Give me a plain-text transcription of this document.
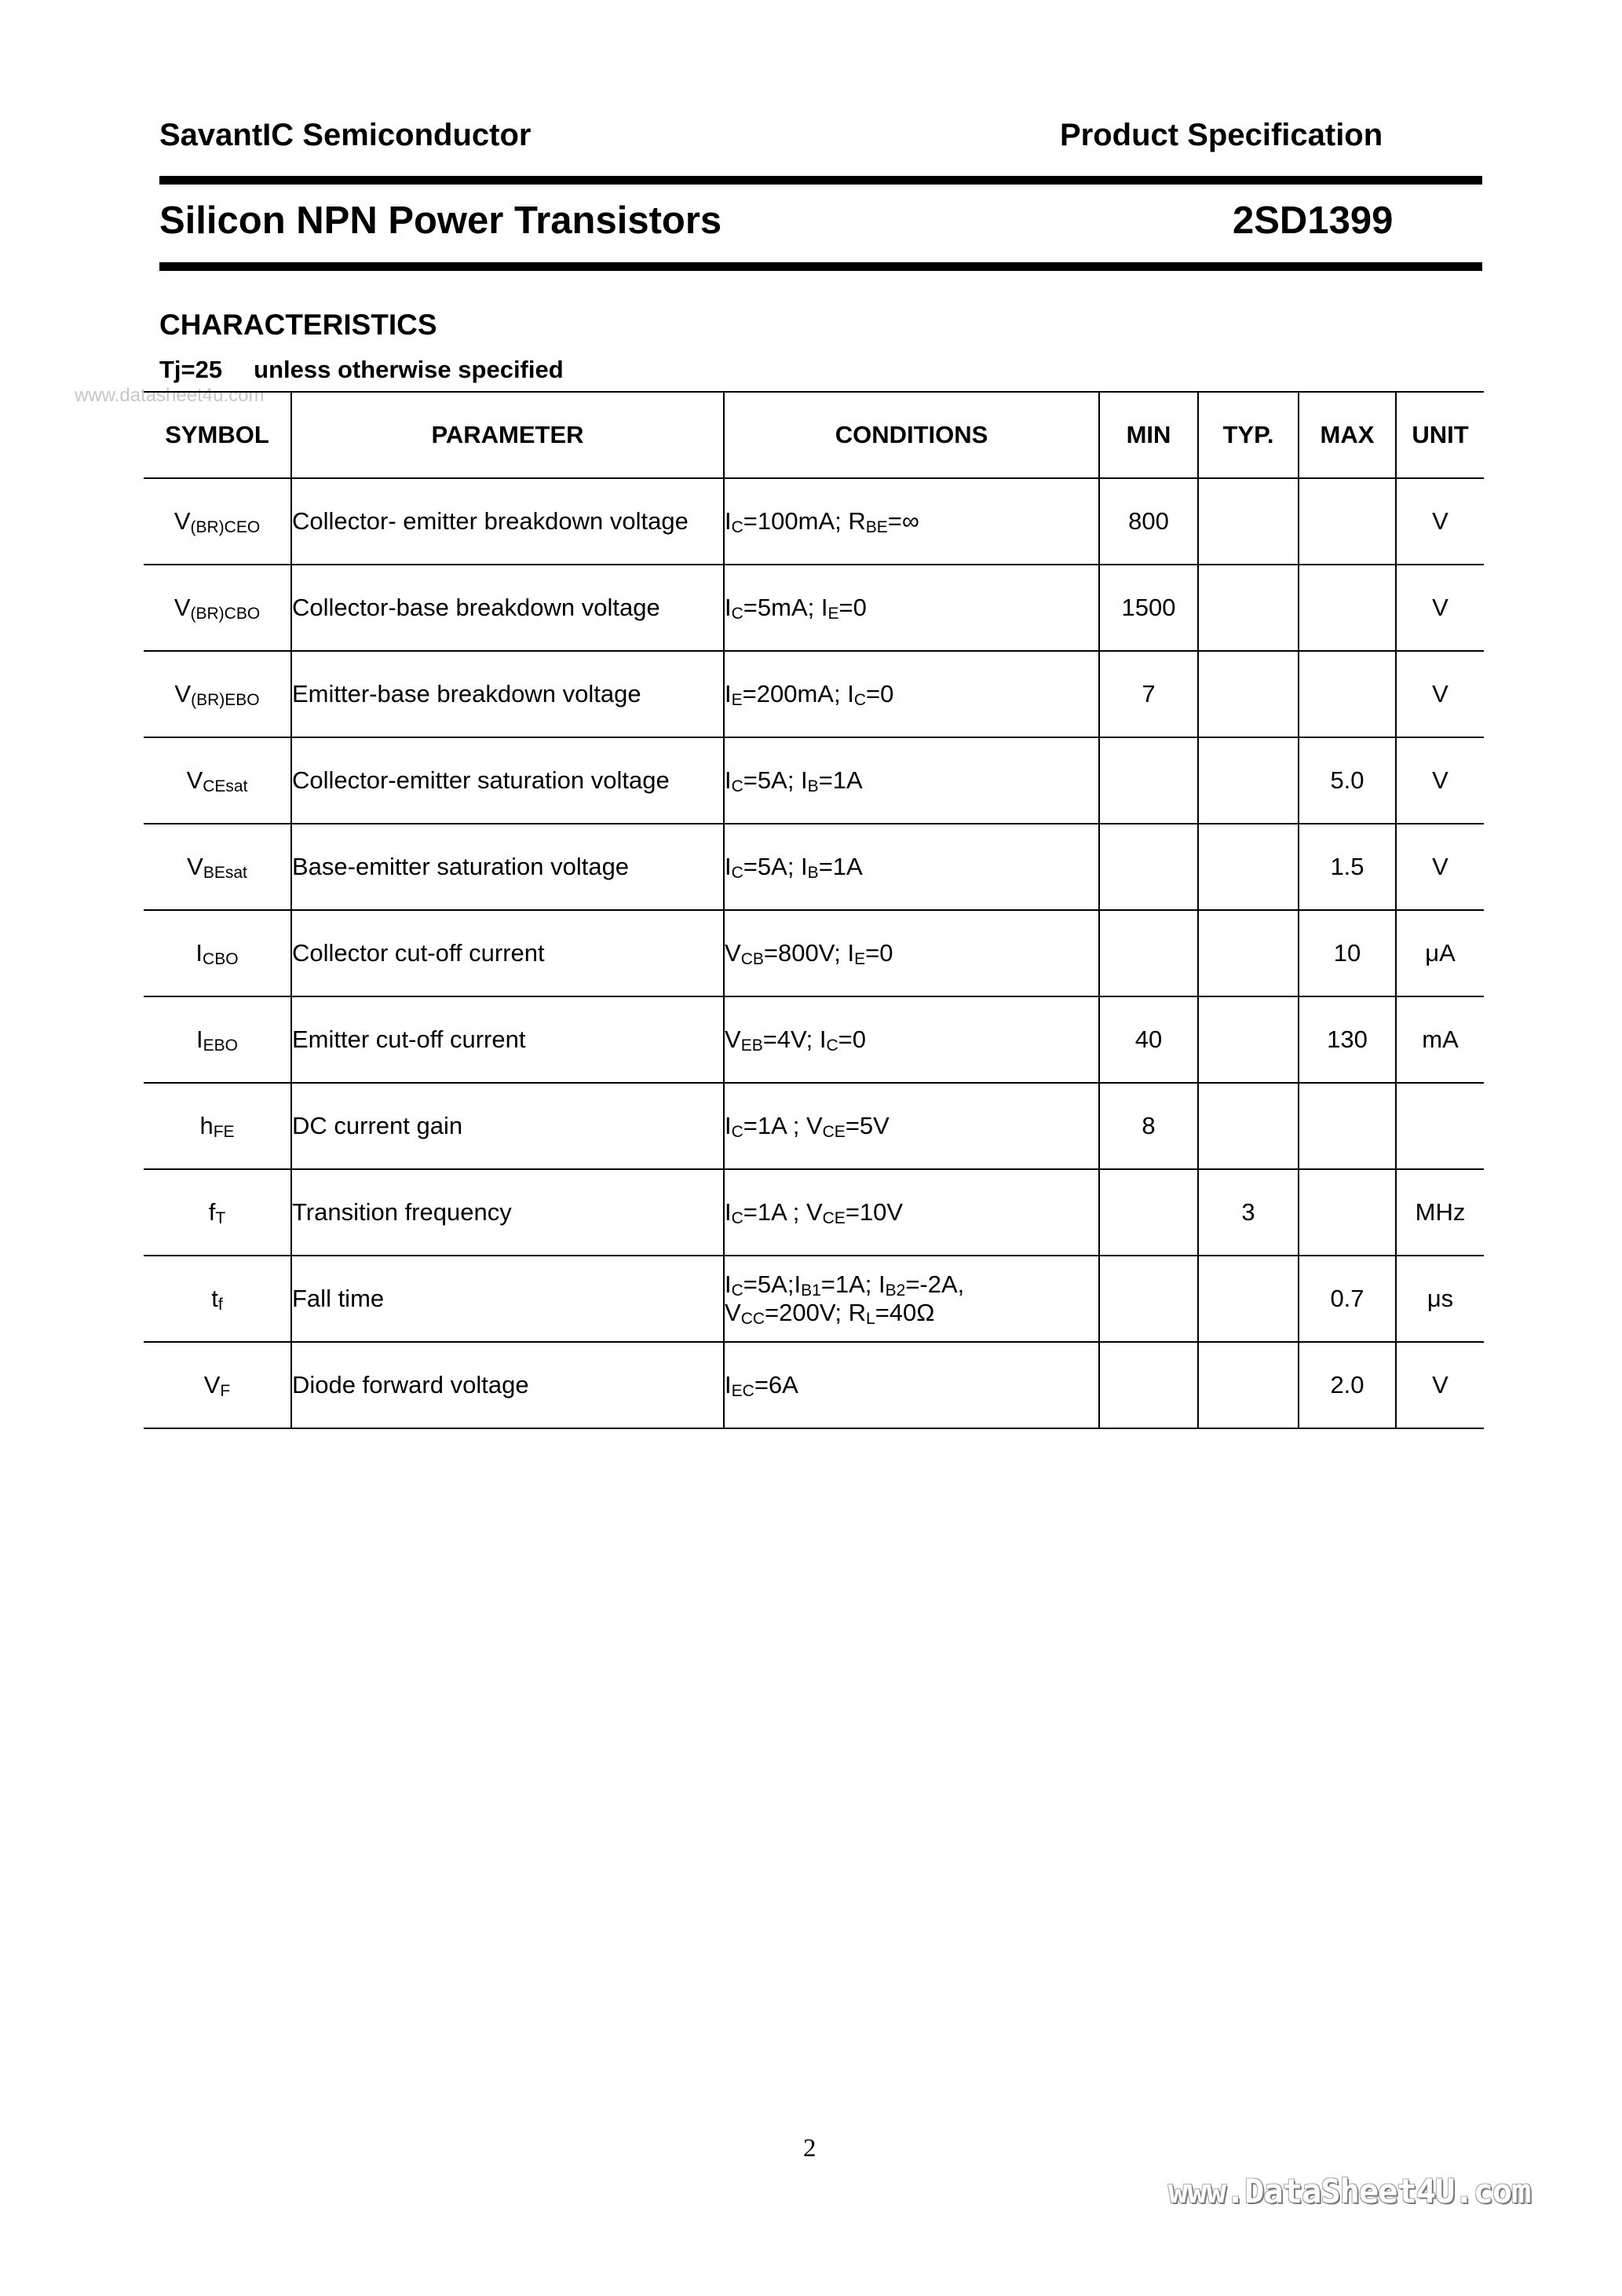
SavantIC Semiconductor	Product Specification
Silicon NPN Power Transistors	2SD1399
CHARACTERISTICS
Tj=25 unless otherwise specified
www.datasheet4u.com
SYMBOL	PARAMETER	CONDITIONS	MIN	TYP.	MAX	UNIT
$V_{(BR)CEO}$	Collector- emitter breakdown voltage	$I_C=100mA$; $R_{BE}=\infty$	800			V
$V_{(BR)CBO}$	Collector-base breakdown voltage	$I_C=5mA$; $I_E=0$	1500			V
$V_{(BR)EBO}$	Emitter-base breakdown voltage	$I_E=200mA$; $I_C=0$	7			V
$V_{CEsat}$	Collector-emitter saturation voltage	$I_C=5A$; $I_B=1A$			5.0	V
$V_{BEsat}$	Base-emitter saturation voltage	$I_C=5A$; $I_B=1A$			1.5	V
$I_{CBO}$	Collector cut-off current	$V_{CB}=800V$; $I_E=0$			10	μA
$I_{EBO}$	Emitter cut-off current	$V_{EB}=4V$; $I_C=0$	40		130	mA
$h_{FE}$	DC current gain	$I_C=1A$ ; $V_{CE}=5V$	8			
$f_T$	Transition frequency	$I_C=1A$ ; $V_{CE}=10V$		3		MHz
$t_f$	Fall time	$I_C=5A;I_{B1}=1A$; $I_{B2}=-2A$,
$V_{CC}=200V$; $R_L=40\Omega$			0.7	μs
$V_F$	Diode forward voltage	$I_{EC}=6A$			2.0	V
2
www.DataSheet4U.com
